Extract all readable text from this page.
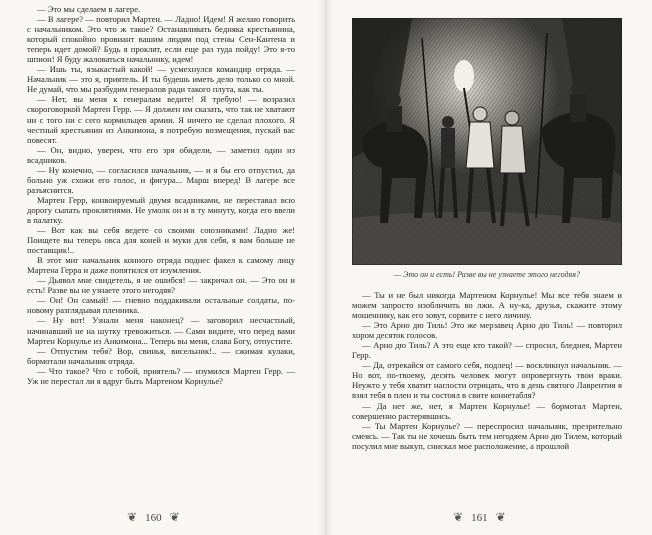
— Это мы сделаем в лагере.

— В лагере? — повторил Мартен. — Ладно! Идем! Я желаю говорить с начальником. Это что ж такое? Останавливать бедняка крестьянина, который спокойно провиант вашим людям под стены Сен-Кантена и теперь идет домой? Будь я проклят, если еще раз туда пойду! Это я-то шпион! Я буду жаловаться начальнику, идем!

— Ишь ты, языкастый какой! — усмехнулся командир отряда. — Начальник — это я, приятель. И ты будешь иметь дело только со мной. Не думай, что мы разбудим генералов ради такого плута, как ты.

— Нет, вы меня к генералам ведите! Я требую! — возразил скороговоркой Мартен Герр. — Я должен им сказать, что так не хватают ни с того ни с сего кормильцев армии. Я ничего не сделал плохого. Я честный крестьянин из Анкимона, я потребую возмещения, пускай вас повесят.

— Он, видно, уверен, что его зря обидели, — заметил один из всадников.

— Ну конечно, — согласился начальник, — и я бы его отпустил, да больно уж схожи его голос, и фигура... Марш вперед! В лагере все разъяснится.

Мартен Герр, конвоируемый двумя всадниками, не переставал всю дорогу сыпать проклятиями. Не умолк он и в ту минуту, когда его ввели в палатку.

— Вот как вы себя ведете со своими союзниками! Ладно же! Поищете вы теперь овса для коней и муки для себя, я вам больше не поставщик!..

В этот миг начальник конного отряда поднес факел к самому лицу Мартена Герра и даже попятился от изумления.

— Дьявол мне свидетель, я не ошибся! — закричал он. — Это он и есть! Разве вы не узнаете этого негодяя?

— Он! Он самый! — гневно поддакивали остальные солдаты, по-новому разглядывая пленника.

— Ну вот! Узнали меня наконец? — заговорил несчастный, начинавший не на шутку тревожиться. — Сами видите, что перед вами Мартен Корнулье из Анкимона... Теперь вы меня, слава Богу, отпустите.

— Отпустим тебя? Вор, свинья, висельник!.. — сжимая кулаки, бормотали начальник отряда.

— Что такое? Что с тобой, приятель? — изумился Мартен Герр. — Уж не перестал ли я вдруг быть Мартеном Корнулье?

❦ 160 ❦
— Это он и есть! Разве вы не узнаете этого негодяя?

— Ты и не был никогда Мартеном Корнулье! Мы все тебя знаем и можем запросто изобличить во лжи. А ну-ка, друзья, скажите этому мошеннику, как его зовут, сорвите с него личину.

— Это Арно дю Тиль! Это же мерзавец Арно дю Тиль! — повторил хором десяток голосов.

— Арно дю Тиль? А это еще кто такой? — спросил, бледнея, Мартен Герр.

— Да, отрекайся от самого себя, подлец! — воскликнул начальник. — Но вот, по-твоему, десять человек могут опровергнуть твои враки. Неужто у тебя хватит наглости отрицать, что в день святого Лаврентия я взял тебя в плен и ты состоял в свите коннетабля?

— Да нет же, нет, я Мартен Корнулье! — бормотал Мартен, совершенно растерявшись.

— Ты Мартен Корнулье? — переспросил начальник, презрительно смеясь. — Так ты не хочешь быть тем негодяем Арно дю Тилем, который посулил мне выкуп, снискал мое расположение, а прошлой

❦ 161 ❦
